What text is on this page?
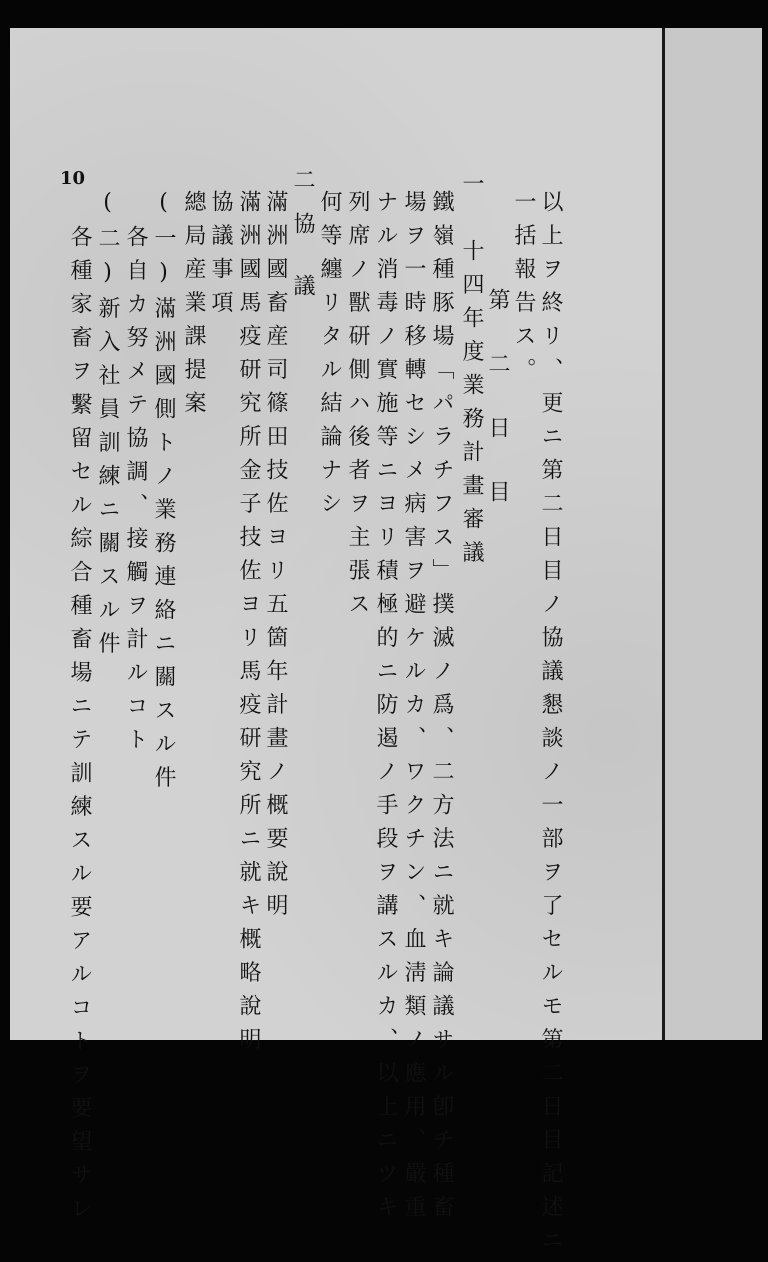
10
以上ヲ終リ、更ニ第二日目ノ協議懇談ノ一部ヲ了セルモ第二日目記述ニ
一括報告ス。
第二日目
一　十四年度業務計畫審議
鐵嶺種豚場「パラチフス」撲滅ノ爲、二方法ニ就キ論議サル卽チ種畜
場ヲ一時移轉セシメ病害ヲ避ケルカ、ワクチン、血淸類ノ應用、嚴重
ナル消毒ノ實施等ニヨリ積極的ニ防遏ノ手段ヲ講スルカ、以上ニツキ
列席ノ獸研側ハ後者ヲ主張ス
何等纏リタル結論ナシ
協議
二
滿洲國畜産司篠田技佐ヨリ五箇年計畫ノ概要說明
滿洲國馬疫研究所金子技佐ヨリ馬疫研究所ニ就キ概略說明
協議事項
總局産業課提案
(一)滿洲國側トノ業務連絡ニ關スル件
各自カ努メテ協調、接觸ヲ計ルコト
(二)新入社員訓練ニ關スル件
各種家畜ヲ繫留セル綜合種畜場ニテ訓練スル要アルコトヲ要望サレ
